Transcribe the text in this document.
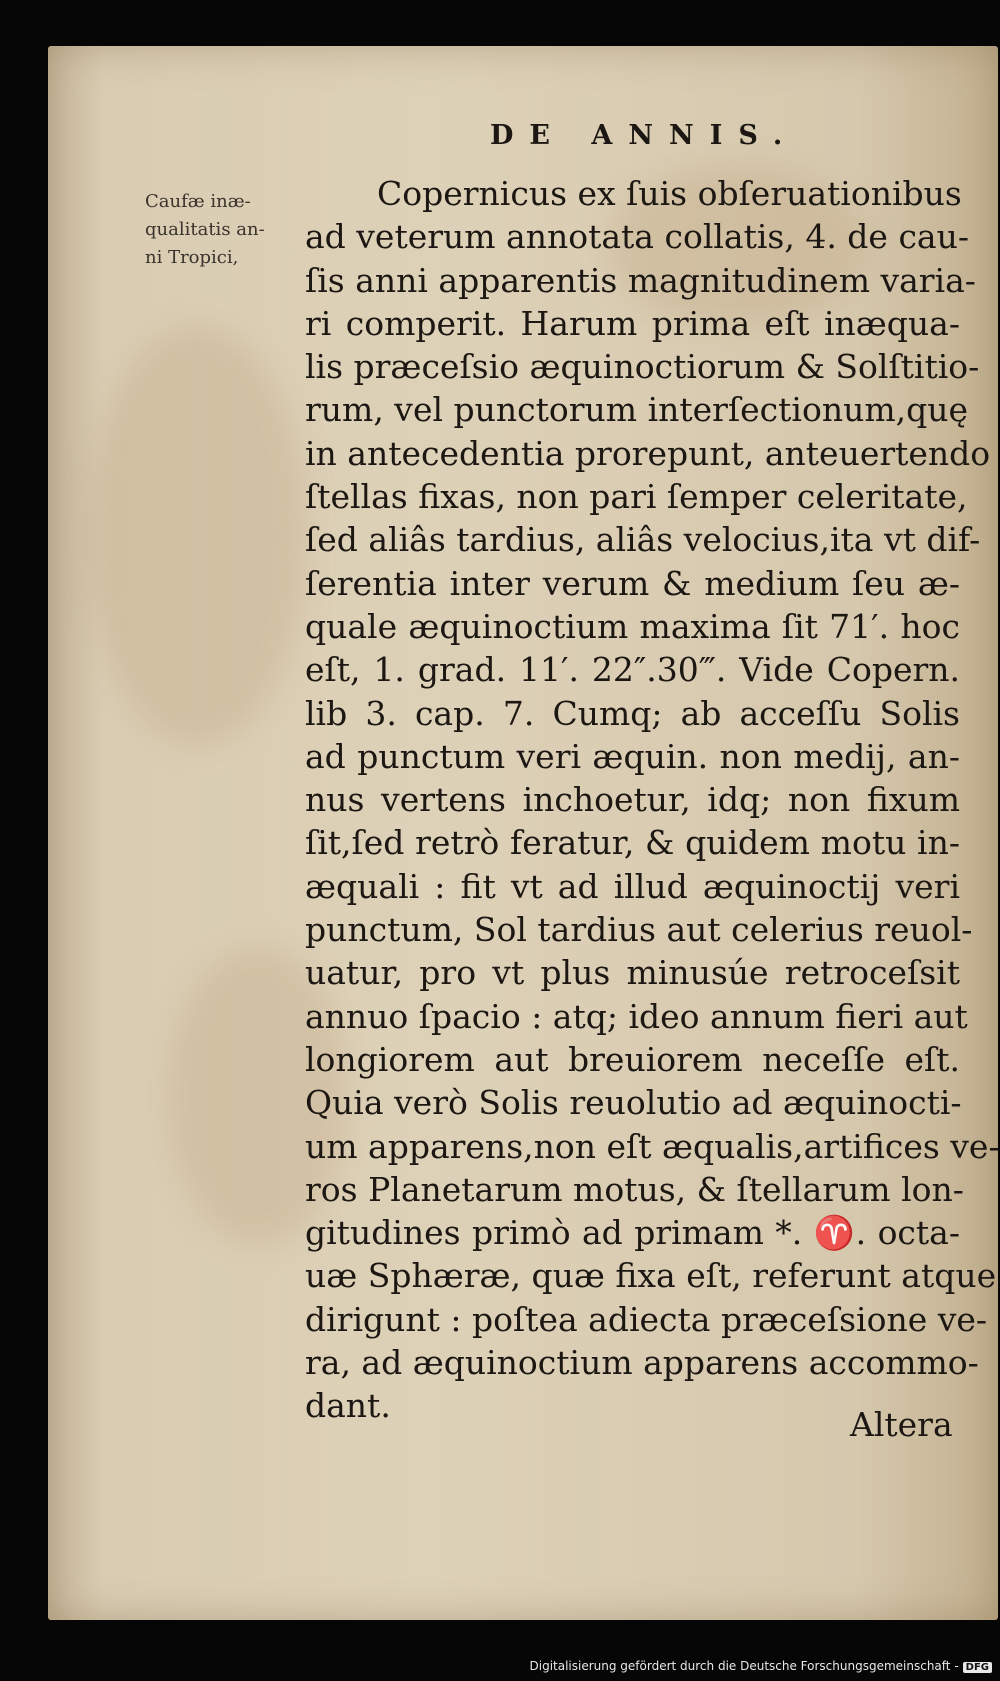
DE ANNIS.
Caufæ inæ-
qualitatis an-
ni Tropici,
Copernicus ex ſuis obſeruationibus
ad veterum annotata collatis, 4. de cau-
ſis anni apparentis magnitudinem varia-
ri comperit. Harum prima eſt inæqua-
lis præceſsio æquinoctiorum & Solſtitio-
rum, vel punctorum interſectionum,quę
in antecedentia prorepunt, anteuertendo
ſtellas fixas, non pari ſemper celeritate,
ſed aliâs tardius, aliâs velocius,ita vt dif-
ſerentia inter verum & medium ſeu æ-
quale æquinoctium maxima ſit 71′. hoc
eſt, 1. grad. 11′. 22″.30‴. Vide Copern.
lib 3. cap. 7. Cumq; ab acceſſu Solis
ad punctum veri æquin. non medij, an-
nus vertens inchoetur, idq; non fixum
ſit,ſed retrò feratur, & quidem motu in-
æquali : fit vt ad illud æquinoctij veri
punctum, Sol tardius aut celerius reuol-
uatur, pro vt plus minusúe retroceſsit
annuo ſpacio : atq; ideo annum fieri aut
longiorem aut breuiorem neceſſe eſt.
Quia verò Solis reuolutio ad æquinocti-
um apparens,non eſt æqualis,artifices ve-
ros Planetarum motus, & ſtellarum lon-
gitudines primò ad primam *. ♈. octa-
uæ Sphæræ, quæ fixa eſt, referunt atque
dirigunt : poſtea adiecta præceſsione ve-
ra, ad æquinoctium apparens accommo-
dant.	Altera
Digitalisierung gefördert durch die Deutsche Forschungsgemeinschaft - DFG
